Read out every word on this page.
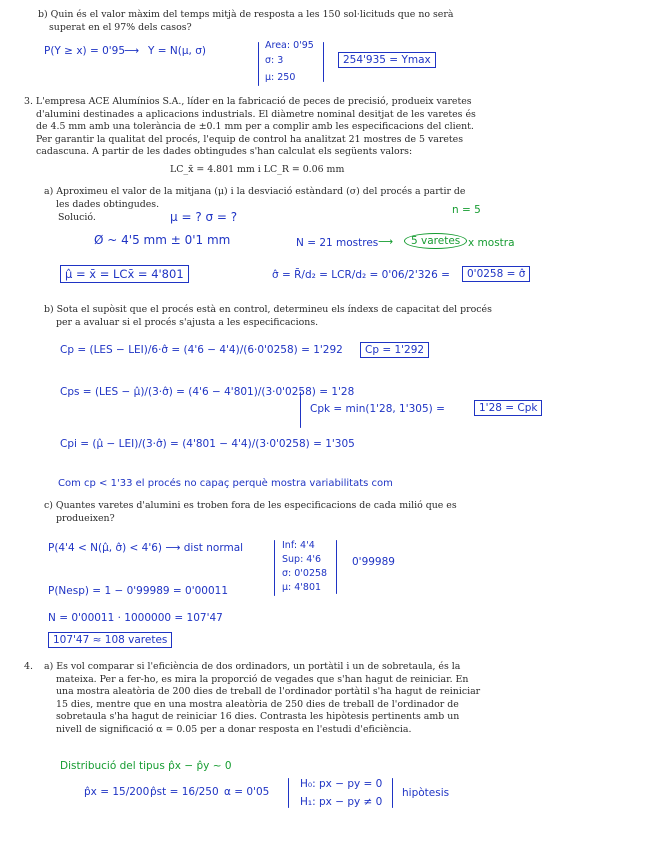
b) Quin és el valor màxim del temps mitjà de resposta a les 150 sol·licituds que no serà
superat en el 97% dels casos?
P(Y ≥ x) = 0'95
⟶ Y = N(μ, σ)	Area: 0'95
σ: 3
μ: 250
254'935 = Ymax
3. L'empresa ACE Alumínios S.A., líder en la fabricació de peces de precisió, produeix varetes
d'alumini destinades a aplicacions industrials. El diàmetre nominal desitjat de les varetes és
de 4.5 mm amb una tolerància de ±0.1 mm per a complir amb les especificacions del client.
Per garantir la qualitat del procés, l'equip de control ha analitzat 21 mostres de 5 varetes
cadascuna. A partir de les dades obtingudes s'han calculat els següents valors:
LC_x̄ = 4.801 mm i LC_R = 0.06 mm
a) Aproximeu el valor de la mitjana (μ) i la desviació estàndard (σ) del procés a partir de
les dades obtingudes.
Solució.
n = 5
μ = ? σ = ?
Ø ~ 4'5 mm ± 0'1 mm	N = 21 mostres ⟶	5 varetes x mostra
μ̂ = x̄ = LCx̄ = 4'801	σ̂ = R̄/d₂ = LCR/d₂ = 0'06/2'326 =	0'0258 = σ̂
b) Sota el supòsit que el procés està en control, determineu els índexs de capacitat del procés
per a avaluar si el procés s'ajusta a les especificacions.
Cp = (LES − LEI)/6·σ̂ = (4'6 − 4'4)/(6·0'0258) = 1'292	Cp = 1'292
Cps = (LES − μ̂)/(3·σ̂) = (4'6 − 4'801)/(3·0'0258) = 1'28
Cpk = min(1'28, 1'305) =	1'28 = Cpk
Cpi = (μ̂ − LEI)/(3·σ̂) = (4'801 − 4'4)/(3·0'0258) = 1'305
Com cp < 1'33 el procés no capaç perquè mostra variabilitats com
c) Quantes varetes d'alumini es troben fora de les especificacions de cada milió que es
produeixen?
P(4'4 < N(μ̂, σ̂) < 4'6) ⟶ dist normal	Inf: 4'4
Sup: 4'6
σ: 0'0258
μ: 4'801
0'99989
P(Nesp) = 1 − 0'99989 = 0'00011
N = 0'00011 · 1000000 = 107'47
107'47 ≈ 108 varetes
4. a) Es vol comparar si l'eficiència de dos ordinadors, un portàtil i un de sobretaula, és la
mateixa. Per a fer-ho, es mira la proporció de vegades que s'han hagut de reiniciar. En
una mostra aleatòria de 200 dies de treball de l'ordinador portàtil s'ha hagut de reiniciar
15 dies, mentre que en una mostra aleatòria de 250 dies de treball de l'ordinador de
sobretaula s'ha hagut de reiniciar 16 dies. Contrasta les hipòtesis pertinents amb un
nivell de significació α = 0.05 per a donar resposta en l'estudi d'eficiència.
Distribució del tipus p̂x − p̂y ~ 0
p̂x = 15/200 p̂st = 16/250 α = 0'05
H₀: px − py = 0
H₁: px − py ≠ 0
hipòtesis
